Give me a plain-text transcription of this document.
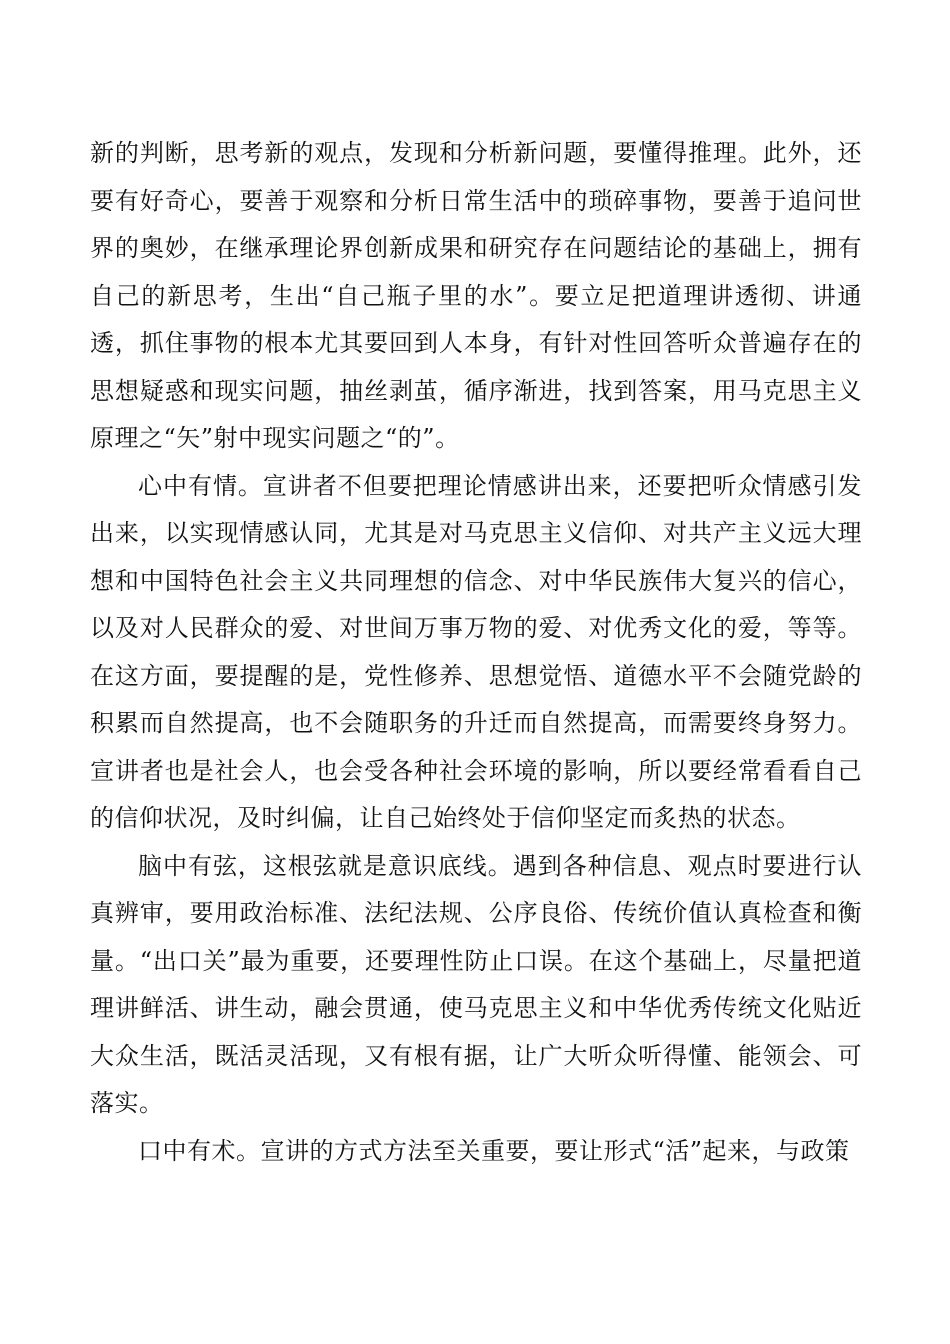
新的判断，思考新的观点，发现和分析新问题，要懂得推理。此外，还要有好奇心，要善于观察和分析日常生活中的琐碎事物，要善于追问世界的奥妙，在继承理论界创新成果和研究存在问题结论的基础上，拥有自己的新思考，生出“自己瓶子里的水”。要立足把道理讲透彻、讲通透，抓住事物的根本尤其要回到人本身，有针对性回答听众普遍存在的思想疑惑和现实问题，抽丝剥茧，循序渐进，找到答案，用马克思主义原理之“矢”射中现实问题之“的”。

心中有情。宣讲者不但要把理论情感讲出来，还要把听众情感引发出来，以实现情感认同，尤其是对马克思主义信仰、对共产主义远大理想和中国特色社会主义共同理想的信念、对中华民族伟大复兴的信心，以及对人民群众的爱、对世间万事万物的爱、对优秀文化的爱，等等。在这方面，要提醒的是，党性修养、思想觉悟、道德水平不会随党龄的积累而自然提高，也不会随职务的升迁而自然提高，而需要终身努力。宣讲者也是社会人，也会受各种社会环境的影响，所以要经常看看自己的信仰状况，及时纠偏，让自己始终处于信仰坚定而炙热的状态。

脑中有弦，这根弦就是意识底线。遇到各种信息、观点时要进行认真辨审，要用政治标准、法纪法规、公序良俗、传统价值认真检查和衡量。“出口关”最为重要，还要理性防止口误。在这个基础上，尽量把道理讲鲜活、讲生动，融会贯通，使马克思主义和中华优秀传统文化贴近大众生活，既活灵活现，又有根有据，让广大听众听得懂、能领会、可落实。

口中有术。宣讲的方式方法至关重要，要让形式“活”起来，与政策
